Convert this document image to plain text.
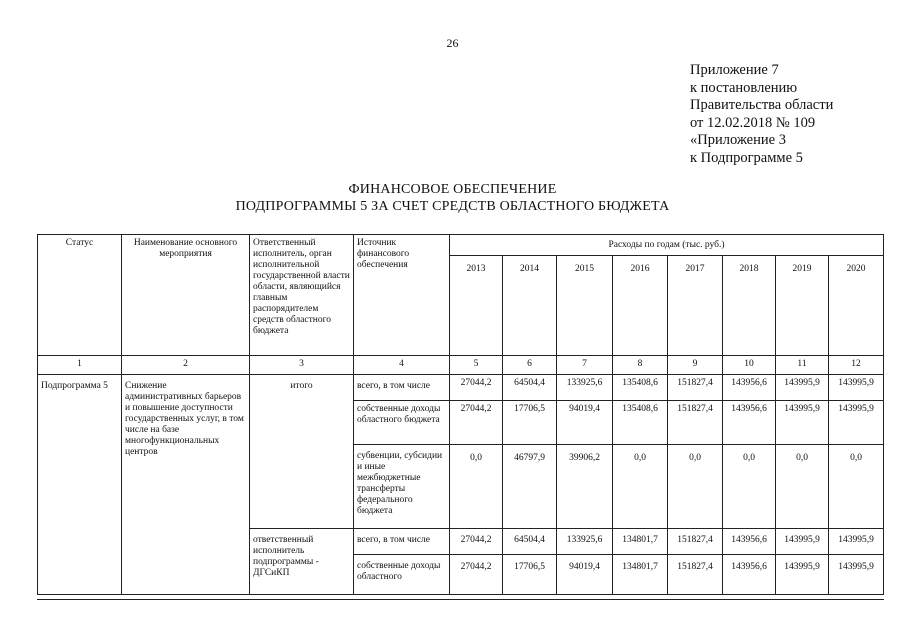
26
Приложение 7
к постановлению
Правительства области
от 12.02.2018 № 109
«Приложение 3
к Подпрограмме 5
ФИНАНСОВОЕ ОБЕСПЕЧЕНИЕ
ПОДПРОГРАММЫ 5 ЗА СЧЕТ СРЕДСТВ ОБЛАСТНОГО БЮДЖЕТА
Статус	Наименование основного мероприятия	Ответственный исполнитель, орган исполнительной государственной власти области, являющийся главным распорядителем средств областного бюджета	Источник финансового обеспечения	Расходы по годам (тыс. руб.)							
				2013	2014	2015	2016	2017	2018	2019	2020
1	2	3	4	5	6	7	8	9	10	11	12
Подпрограмма 5	Снижение административных барьеров и повышение доступности государственных услуг, в том числе на базе многофункциональных центров	итого	всего, в том числе	27044,2	64504,4	133925,6	135408,6	151827,4	143956,6	143995,9	143995,9
			собственные доходы областного бюджета	27044,2	17706,5	94019,4	135408,6	151827,4	143956,6	143995,9	143995,9
			субвенции, субсидии и иные межбюджетные трансферты федерального бюджета	0,0	46797,9	39906,2	0,0	0,0	0,0	0,0	0,0
		ответственный исполнитель подпрограммы - ДГСиКП	всего, в том числе	27044,2	64504,4	133925,6	134801,7	151827,4	143956,6	143995,9	143995,9
			собственные доходы областного	27044,2	17706,5	94019,4	134801,7	151827,4	143956,6	143995,9	143995,9
